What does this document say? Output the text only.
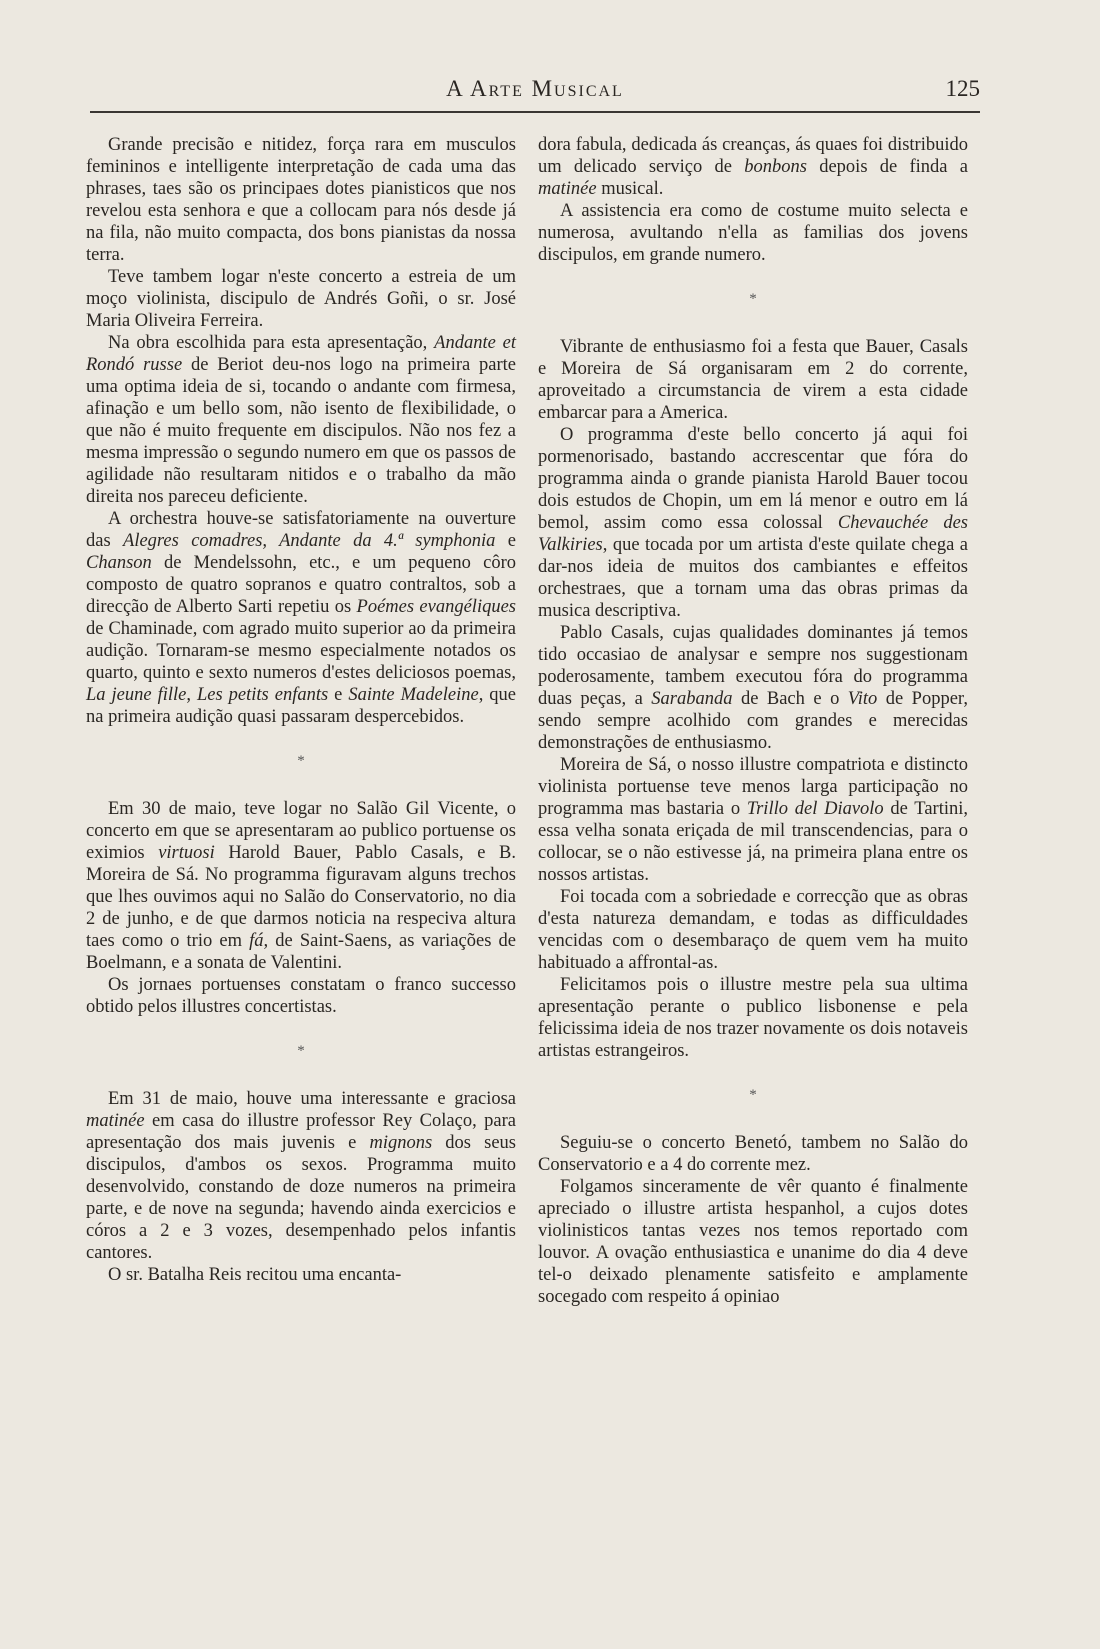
A Arte Musical	125

Grande precisão e nitidez, força rara em musculos femininos e intelligente interpretação de cada uma das phrases, taes são os principaes dotes pianisticos que nos revelou esta senhora e que a collocam para nós desde já na fila, não muito compacta, dos bons pianistas da nossa terra.

Teve tambem logar n'este concerto a estreia de um moço violinista, discipulo de Andrés Goñi, o sr. José Maria Oliveira Ferreira.

Na obra escolhida para esta apresentação, Andante et Rondó russe de Beriot deu-nos logo na primeira parte uma optima ideia de si, tocando o andante com firmesa, afinação e um bello som, não isento de flexibilidade, o que não é muito frequente em discipulos. Não nos fez a mesma impressão o segundo numero em que os passos de agilidade não resultaram nitidos e o trabalho da mão direita nos pareceu deficiente.

A orchestra houve-se satisfatoriamente na ouverture das Alegres comadres, Andante da 4.ª symphonia e Chanson de Mendelssohn, etc., e um pequeno côro composto de quatro sopranos e quatro contraltos, sob a direcção de Alberto Sarti repetiu os Poémes evangéliques de Chaminade, com agrado muito superior ao da primeira audição. Tornaram-se mesmo especialmente notados os quarto, quinto e sexto numeros d'estes deliciosos poemas, La jeune fille, Les petits enfants e Sainte Madeleine, que na primeira audição quasi passaram despercebidos.

*

Em 30 de maio, teve logar no Salão Gil Vicente, o concerto em que se apresentaram ao publico portuense os eximios virtuosi Harold Bauer, Pablo Casals, e B. Moreira de Sá. No programma figuravam alguns trechos que lhes ouvimos aqui no Salão do Conservatorio, no dia 2 de junho, e de que darmos noticia na respeciva altura taes como o trio em fá, de Saint-Saens, as variações de Boelmann, e a sonata de Valentini.

Os jornaes portuenses constatam o franco successo obtido pelos illustres concertistas.

*

Em 31 de maio, houve uma interessante e graciosa matinée em casa do illustre professor Rey Colaço, para apresentação dos mais juvenis e mignons dos seus discipulos, d'ambos os sexos. Programma muito desenvolvido, constando de doze numeros na primeira parte, e de nove na segunda; havendo ainda exercicios e córos a 2 e 3 vozes, desempenhado pelos infantis cantores.

O sr. Batalha Reis recitou uma encanta-

dora fabula, dedicada ás creanças, ás quaes foi distribuido um delicado serviço de bonbons depois de finda a matinée musical.

A assistencia era como de costume muito selecta e numerosa, avultando n'ella as familias dos jovens discipulos, em grande numero.

*

Vibrante de enthusiasmo foi a festa que Bauer, Casals e Moreira de Sá organisaram em 2 do corrente, aproveitado a circumstancia de virem a esta cidade embarcar para a America.

O programma d'este bello concerto já aqui foi pormenorisado, bastando accrescentar que fóra do programma ainda o grande pianista Harold Bauer tocou dois estudos de Chopin, um em lá menor e outro em lá bemol, assim como essa colossal Chevauchée des Valkiries, que tocada por um artista d'este quilate chega a dar-nos ideia de muitos dos cambiantes e effeitos orchestraes, que a tornam uma das obras primas da musica descriptiva.

Pablo Casals, cujas qualidades dominantes já temos tido occasiao de analysar e sempre nos suggestionam poderosamente, tambem executou fóra do programma duas peças, a Sarabanda de Bach e o Vito de Popper, sendo sempre acolhido com grandes e merecidas demonstrações de enthusiasmo.

Moreira de Sá, o nosso illustre compatriota e distincto violinista portuense teve menos larga participação no programma mas bastaria o Trillo del Diavolo de Tartini, essa velha sonata eriçada de mil transcendencias, para o collocar, se o não estivesse já, na primeira plana entre os nossos artistas.

Foi tocada com a sobriedade e correcção que as obras d'esta natureza demandam, e todas as difficuldades vencidas com o desembaraço de quem vem ha muito habituado a affrontal-as.

Felicitamos pois o illustre mestre pela sua ultima apresentação perante o publico lisbonense e pela felicissima ideia de nos trazer novamente os dois notaveis artistas estrangeiros.

*

Seguiu-se o concerto Benetó, tambem no Salão do Conservatorio e a 4 do corrente mez.

Folgamos sinceramente de vêr quanto é finalmente apreciado o illustre artista hespanhol, a cujos dotes violinisticos tantas vezes nos temos reportado com louvor. A ovação enthusiastica e unanime do dia 4 deve tel-o deixado plenamente satisfeito e amplamente socegado com respeito á opiniao
